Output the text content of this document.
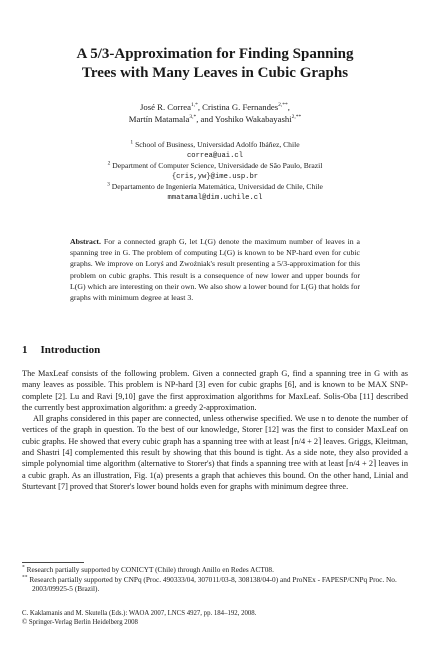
A 5/3-Approximation for Finding Spanning
Trees with Many Leaves in Cubic Graphs
José R. Correa$^{1,*}$, Cristina G. Fernandes$^{2,**}$,
Martín Matamala$^{3,*}$, and Yoshiko Wakabayashi$^{2,**}$
$^1$ School of Business, Universidad Adolfo Ibáñez, Chile
correa@uai.cl
$^2$ Department of Computer Science, Universidade de São Paulo, Brazil
{cris,yw}@ime.usp.br
$^3$ Departamento de Ingeniería Matemática, Universidad de Chile, Chile
mmatamal@dim.uchile.cl
Abstract. For a connected graph G, let L(G) denote the maximum number of leaves in a spanning tree in G. The problem of computing L(G) is known to be NP-hard even for cubic graphs. We improve on Loryś and Zwoźniak's result presenting a 5/3-approximation for this problem on cubic graphs. This result is a consequence of new lower and upper bounds for L(G) which are interesting on their own. We also show a lower bound for L(G) that holds for graphs with minimum degree at least 3.
1 Introduction

The MaxLeaf consists of the following problem. Given a connected graph G, find a spanning tree in G with as many leaves as possible. This problem is NP-hard [3] even for cubic graphs [6], and is known to be MAX SNP-complete [2]. Lu and Ravi [9,10] gave the first approximation algorithms for MaxLeaf. Solis-Oba [11] described the currently best approximation algorithm: a greedy 2-approximation.

All graphs considered in this paper are connected, unless otherwise specified. We use n to denote the number of vertices of the graph in question. To the best of our knowledge, Storer [12] was the first to consider MaxLeaf on cubic graphs. He showed that every cubic graph has a spanning tree with at least ⌈n/4 + 2⌉ leaves. Griggs, Kleitman, and Shastri [4] complemented this result by showing that this bound is tight. As a side note, they also provided a simple polynomial time algorithm (alternative to Storer's) that finds a spanning tree with at least ⌈n/4 + 2⌉ leaves in a cubic graph. As an illustration, Fig. 1(a) presents a graph that achieves this bound. On the other hand, Linial and Sturtevant [7] proved that Storer's lower bound holds even for graphs with minimum degree three.

* Research partially supported by CONICYT (Chile) through Anillo en Redes ACT08.
** Research partially supported by CNPq (Proc. 490333/04, 307011/03-8, 308138/04-0) and ProNEx - FAPESP/CNPq Proc. No. 2003/09925-5 (Brazil).
C. Kaklamanis and M. Skutella (Eds.): WAOA 2007, LNCS 4927, pp. 184–192, 2008.
© Springer-Verlag Berlin Heidelberg 2008
